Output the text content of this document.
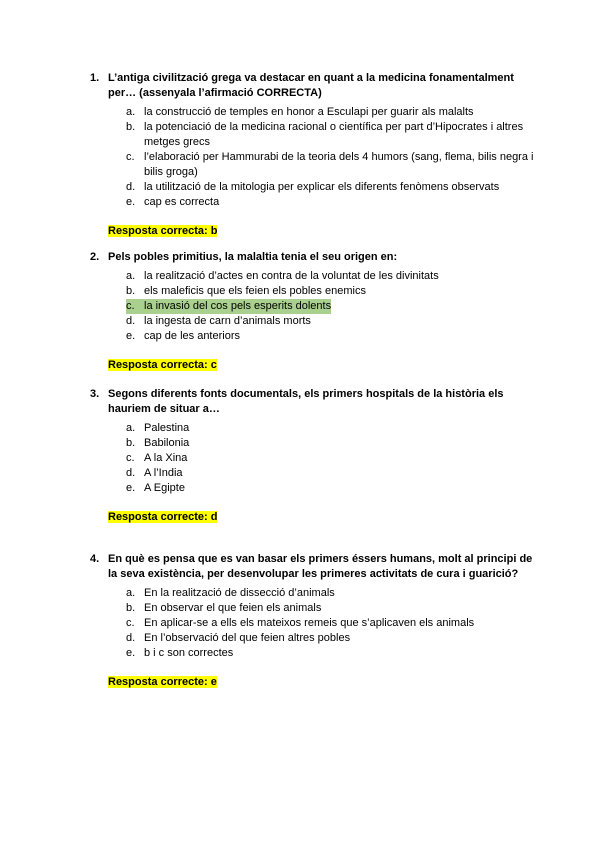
1. L’antiga civilització grega va destacar en quant a la medicina fonamentalment per… (assenyala l’afirmació CORRECTA)
a. la construcció de temples en honor a Esculapi per guarir als malalts
b. la potenciació de la medicina racional o científica per part d’Hipocrates i altres metges grecs
c. l’elaboració per Hammurabi de la teoria dels 4 humors (sang, flema, bilis negra i bilis groga)
d. la utilització de la mitologia per explicar els diferents fenòmens observats
e. cap es correcta
Resposta correcta: b
2. Pels pobles primitius, la malaltia tenia el seu origen en:
a. la realització d’actes en contra de la voluntat de les divinitats
b. els maleficis que els feien els pobles enemics
c. la invasió del cos pels esperits dolents
d. la ingesta de carn d’animals morts
e. cap de les anteriors
Resposta correcta: c
3. Segons diferents fonts documentals, els primers hospitals de la història els hauriem de situar a…
a. Palestina
b. Babilonia
c. A la Xina
d. A l’India
e. A Egipte
Resposta correcte: d
4. En què es pensa que es van basar els primers éssers humans, molt al principi de la seva existència, per desenvolupar les primeres activitats de cura i guarició?
a. En la realització de dissecció d’animals
b. En observar el que feien els animals
c. En aplicar-se a ells els mateixos remeis que s’aplicaven els animals
d. En l’observació del que feien altres pobles
e. b i c son correctes
Resposta correcte: e
